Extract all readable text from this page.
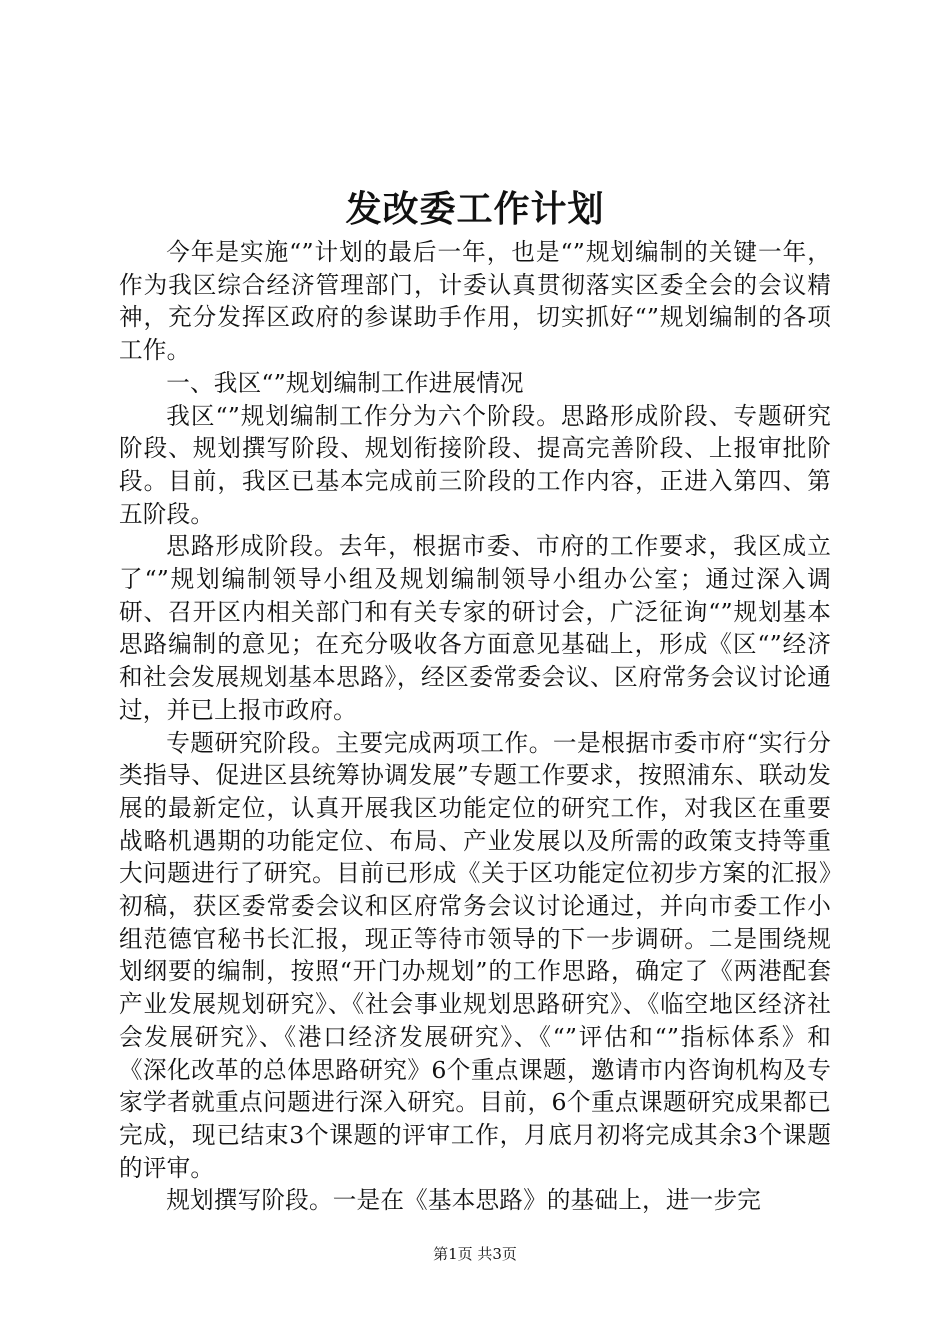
发改委工作计划

今年是实施“”计划的最后一年，也是“”规划编制的关键一年，作为我区综合经济管理部门，计委认真贯彻落实区委全会的会议精神，充分发挥区政府的参谋助手作用，切实抓好“”规划编制的各项工作。

一、我区“”规划编制工作进展情况

我区“”规划编制工作分为六个阶段。思路形成阶段、专题研究阶段、规划撰写阶段、规划衔接阶段、提高完善阶段、上报审批阶段。目前，我区已基本完成前三阶段的工作内容，正进入第四、第五阶段。

思路形成阶段。去年，根据市委、市府的工作要求，我区成立了“”规划编制领导小组及规划编制领导小组办公室；通过深入调研、召开区内相关部门和有关专家的研讨会，广泛征询“”规划基本思路编制的意见；在充分吸收各方面意见基础上，形成《区“”经济和社会发展规划基本思路》，经区委常委会议、区府常务会议讨论通过，并已上报市政府。

专题研究阶段。主要完成两项工作。一是根据市委市府“实行分类指导、促进区县统筹协调发展”专题工作要求，按照浦东、联动发展的最新定位，认真开展我区功能定位的研究工作，对我区在重要战略机遇期的功能定位、布局、产业发展以及所需的政策支持等重大问题进行了研究。目前已形成《关于区功能定位初步方案的汇报》初稿，获区委常委会议和区府常务会议讨论通过，并向市委工作小组范德官秘书长汇报，现正等待市领导的下一步调研。二是围绕规划纲要的编制，按照“开门办规划”的工作思路，确定了《两港配套产业发展规划研究》、《社会事业规划思路研究》、《临空地区经济社会发展研究》、《港口经济发展研究》、《“”评估和“”指标体系》和《深化改革的总体思路研究》6个重点课题，邀请市内咨询机构及专家学者就重点问题进行深入研究。目前，6个重点课题研究成果都已完成，现已结束3个课题的评审工作，月底月初将完成其余3个课题的评审。

规划撰写阶段。一是在《基本思路》的基础上，进一步完

第1页 共3页
